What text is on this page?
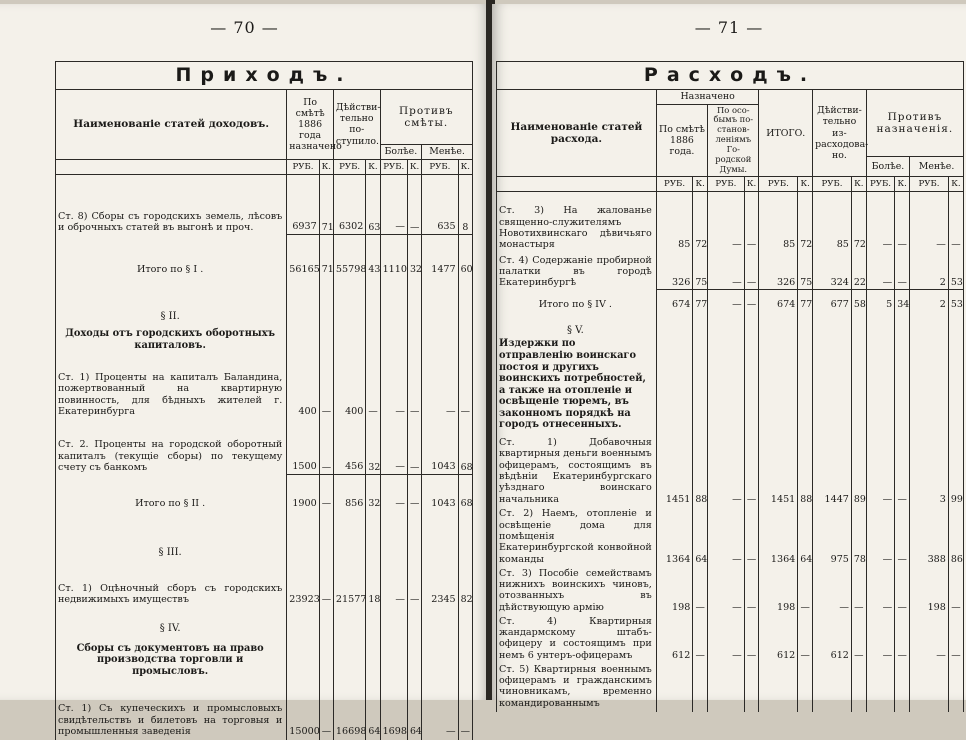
— 70 —
Приходъ.								
Наименованіе статей доходовъ.	По смѣтѣ 1886 года назначено		Дѣйстви-тельно по-ступило.		Противъ смѣты.			
					Болѣе.		Менѣе.	
	РУБ.	К.	РУБ.	К.	РУБ.	К.	РУБ.	К.
Ст. 8) Сборы съ городскихъ земель, лѣсовъ и оброчныхъ статей въ выгонѣ и проч.	6937	71	6302	63	—	—	635	8
Итого по § I .	56165	71	55798	43	1110	32	1477	60
§ II.								
Доходы отъ городскихъ оборотныхъ капиталовъ.								
Ст. 1) Проценты на капиталъ Баландина, пожертвованный на квартирную повинность, для бѣдныхъ жителей г. Екатеринбурга	400	—	400	—	—	—	—	—
Ст. 2. Проценты на городской оборотный капиталъ (текущіе сборы) по текущему счету съ банкомъ	1500	—	456	32	—	—	1043	68
Итого по § II .	1900	—	856	32	—	—	1043	68
§ III.								
Ст. 1) Оцѣночный сборъ съ городскихъ недвижимыхъ имуществъ	23923	—	21577	18	—	—	2345	82
§ IV.								
Сборы съ документовъ на право производства торговли и промысловъ.								
Ст. 1) Съ купеческихъ и промысловыхъ свидѣтельствъ и билетовъ на торговыя и промышленныя заведенія	15000	—	16698	64	1698	64	—	—

— 71 —
Расходъ.												
Наименованіе статей расхода.	Назначено				ИТОГО.		Дѣйстви-тельно из-расходова-но.		Противъ назначенія.			
	По смѣтѣ 1886 года.		По осо-бымъ по-станов-леніямъ Го-родской Думы.									
									Болѣе.		Менѣе.	
	РУБ.	К.	РУБ.	К.	РУБ.	К.	РУБ.	К.	РУБ.	К.	РУБ.	К.
Ст. 3) На жалованье священно-служителямъ Новотихвинскаго дѣвичьяго монастыря	85	72	—	—	85	72	85	72	—	—	—	—
Ст. 4) Содержаніе пробирной палатки въ городѣ Екатеринбургѣ	326	75	—	—	326	75	324	22	—	—	2	53
Итого по § IV .	674	77	—	—	674	77	677	58	5	34	2	53
§ V.												
Издержки по отправленію воинскаго постоя и другихъ воинскихъ потребностей, а также на отопленіе и освѣщеніе тюремъ, въ законномъ порядкѣ на городъ отнесенныхъ.												
Ст. 1) Добавочныя квартирныя деньги военнымъ офицерамъ, состоящимъ въ вѣдѣніи Екатеринбургскаго уѣзднаго воинскаго начальника	1451	88	—	—	1451	88	1447	89	—	—	3	99
Ст. 2) Наемъ, отопленіе и освѣщеніе дома для помѣщенія Екатеринбургской конвойной команды	1364	64	—	—	1364	64	975	78	—	—	388	86
Ст. 3) Пособіе семействамъ нижнихъ воинскихъ чиновъ, отозванныхъ въ дѣйствующую армію	198	—	—	—	198	—	—	—	—	—	198	—
Ст. 4) Квартирныя жандармскому штабъ-офицеру и состоящимъ при немъ 6 унтеръ-офицерамъ	612	—	—	—	612	—	612	—	—	—	—	—
Ст. 5) Квартирныя военнымъ офицерамъ и гражданскимъ чиновникамъ, временно командированнымъ												
